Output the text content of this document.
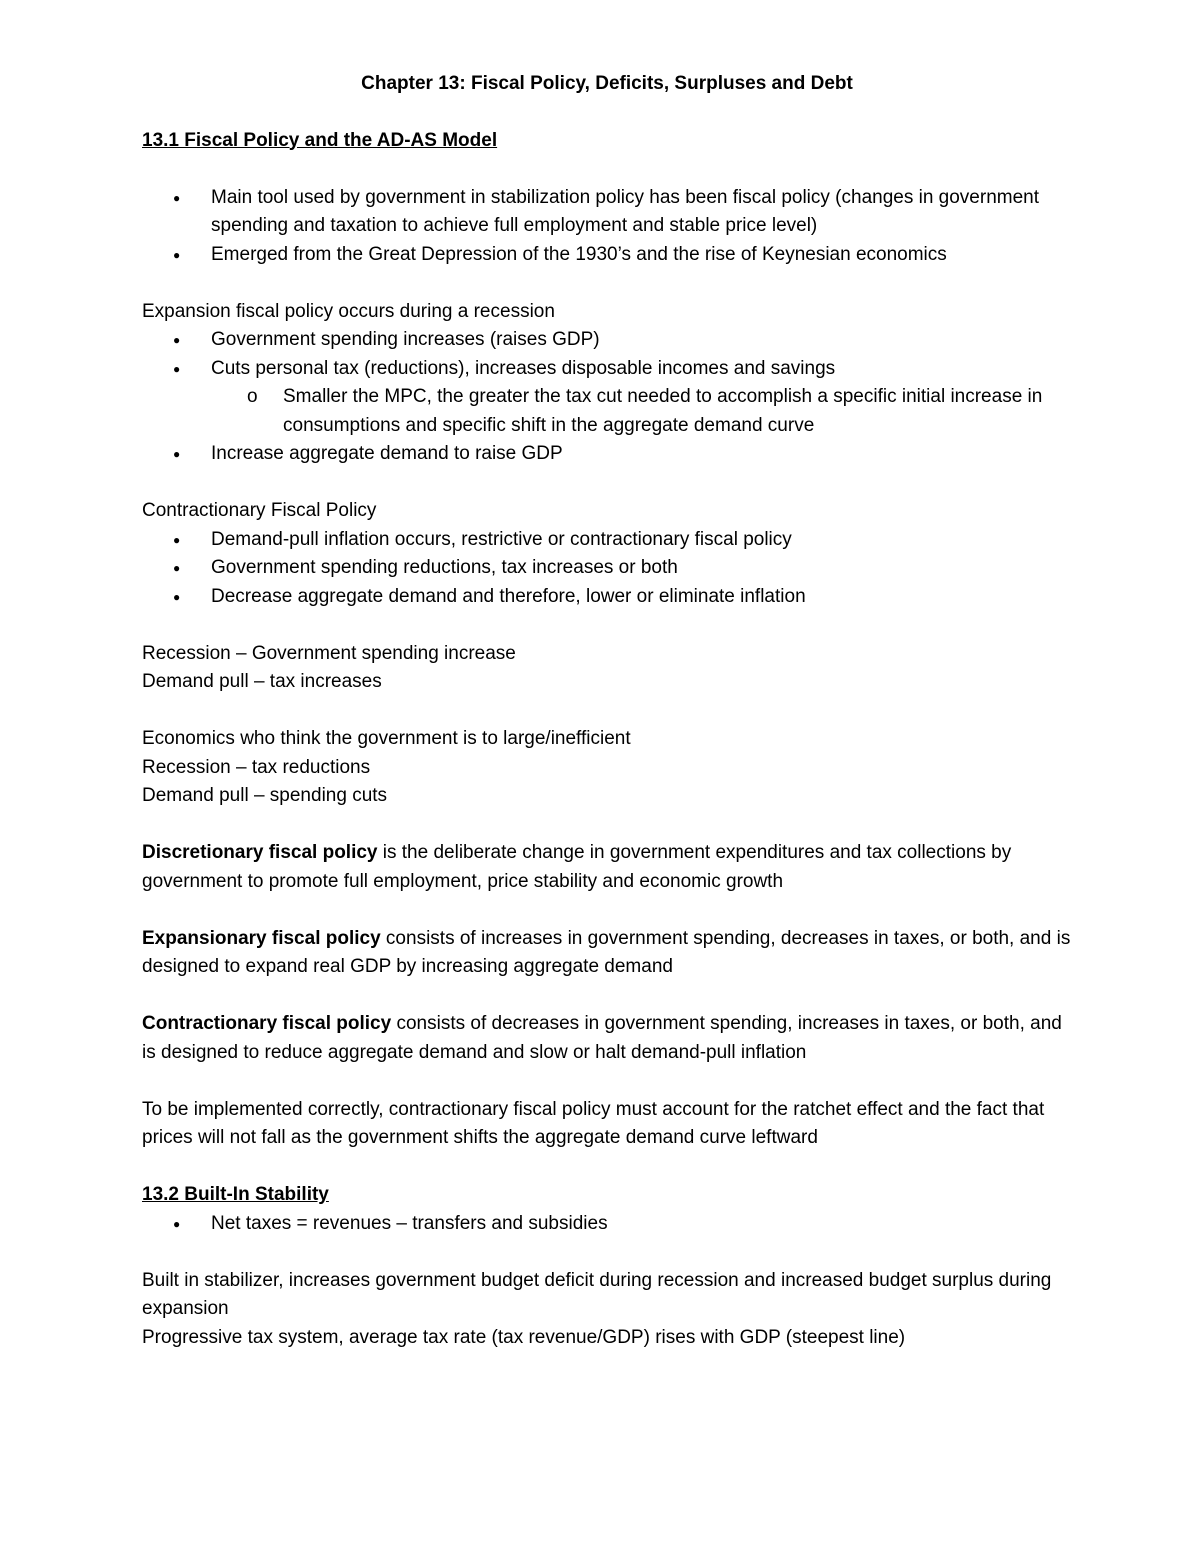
Chapter 13: Fiscal Policy, Deficits, Surpluses and Debt

13.1 Fiscal Policy and the AD-AS Model

● Main tool used by government in stabilization policy has been fiscal policy (changes in government spending and taxation to achieve full employment and stable price level)
● Emerged from the Great Depression of the 1930’s and the rise of Keynesian economics

Expansion fiscal policy occurs during a recession

● Government spending increases (raises GDP)
● Cuts personal tax (reductions), increases disposable incomes and savings
o Smaller the MPC, the greater the tax cut needed to accomplish a specific initial increase in consumptions and specific shift in the aggregate demand curve
● Increase aggregate demand to raise GDP

Contractionary Fiscal Policy

● Demand-pull inflation occurs, restrictive or contractionary fiscal policy
● Government spending reductions, tax increases or both
● Decrease aggregate demand and therefore, lower or eliminate inflation

Recession – Government spending increase

Demand pull – tax increases

Economics who think the government is to large/inefficient

Recession – tax reductions

Demand pull – spending cuts

Discretionary fiscal policy is the deliberate change in government expenditures and tax collections by government to promote full employment, price stability and economic growth

Expansionary fiscal policy consists of increases in government spending, decreases in taxes, or both, and is designed to expand real GDP by increasing aggregate demand

Contractionary fiscal policy consists of decreases in government spending, increases in taxes, or both, and is designed to reduce aggregate demand and slow or halt demand-pull inflation

To be implemented correctly, contractionary fiscal policy must account for the ratchet effect and the fact that prices will not fall as the government shifts the aggregate demand curve leftward

13.2 Built-In Stability

● Net taxes = revenues – transfers and subsidies

Built in stabilizer, increases government budget deficit during recession and increased budget surplus during expansion

Progressive tax system, average tax rate (tax revenue/GDP) rises with GDP (steepest line)
